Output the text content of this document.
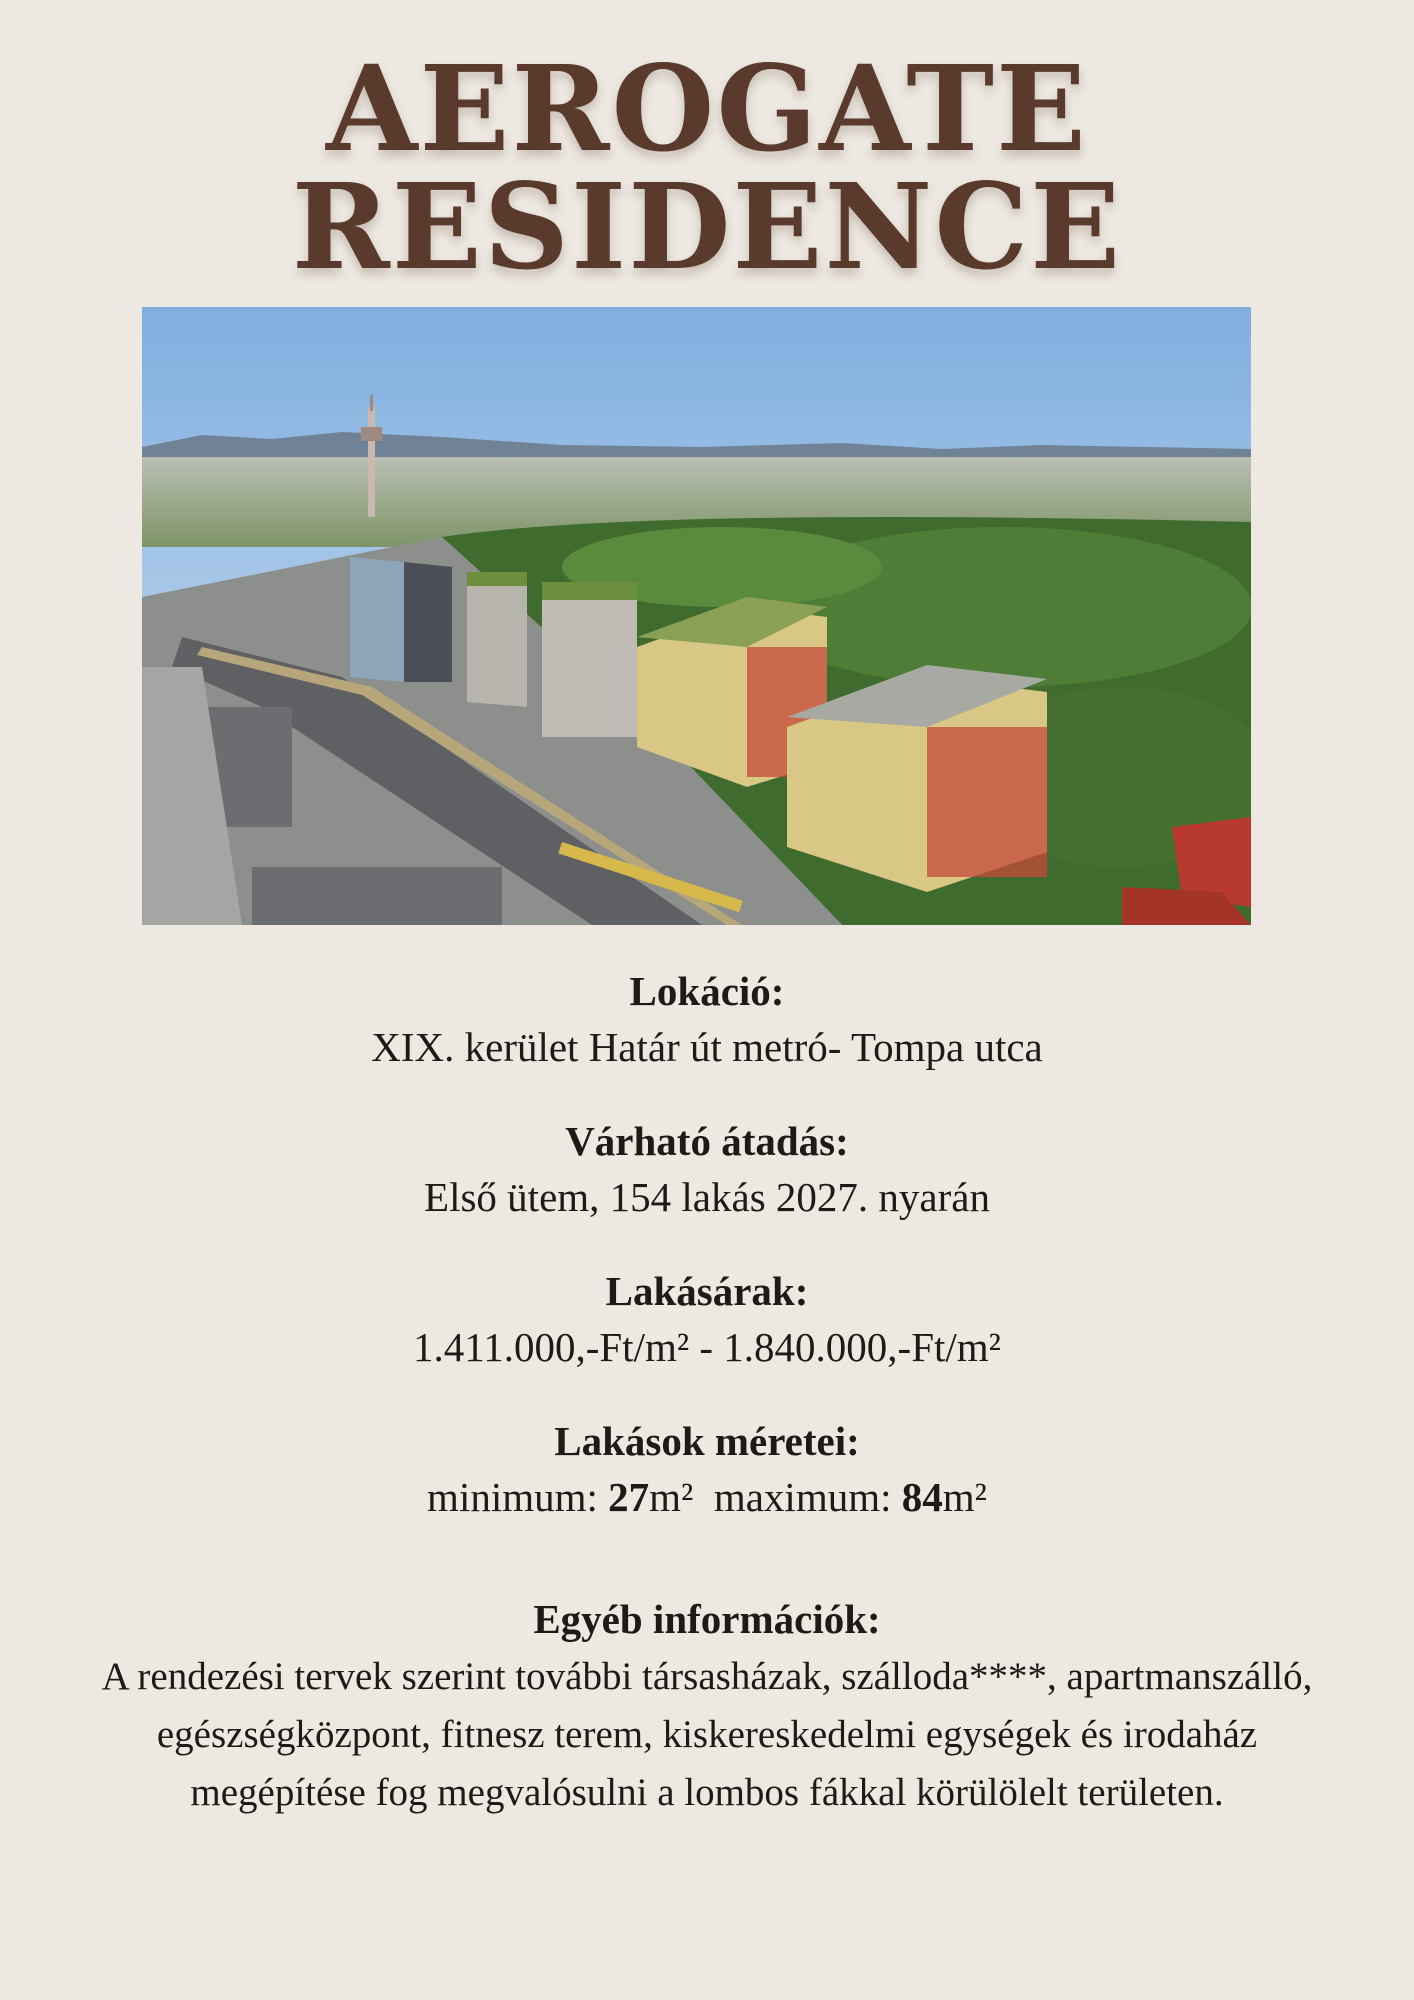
AEROGATE
RESIDENCE
Lokáció:
XIX. kerület Határ út metró- Tompa utca
Várható átadás:
Első ütem, 154 lakás 2027. nyarán
Lakásárak:
1.411.000,-Ft/m² - 1.840.000,-Ft/m²
Lakások méretei:
minimum: 27m² maximum: 84m²
Egyéb információk:
A rendezési tervek szerint további társasházak, szálloda****, apartmanszálló, egészségközpont, fitnesz terem, kiskereskedelmi egységek és irodaház megépítése fog megvalósulni a lombos fákkal körülölelt területen.
